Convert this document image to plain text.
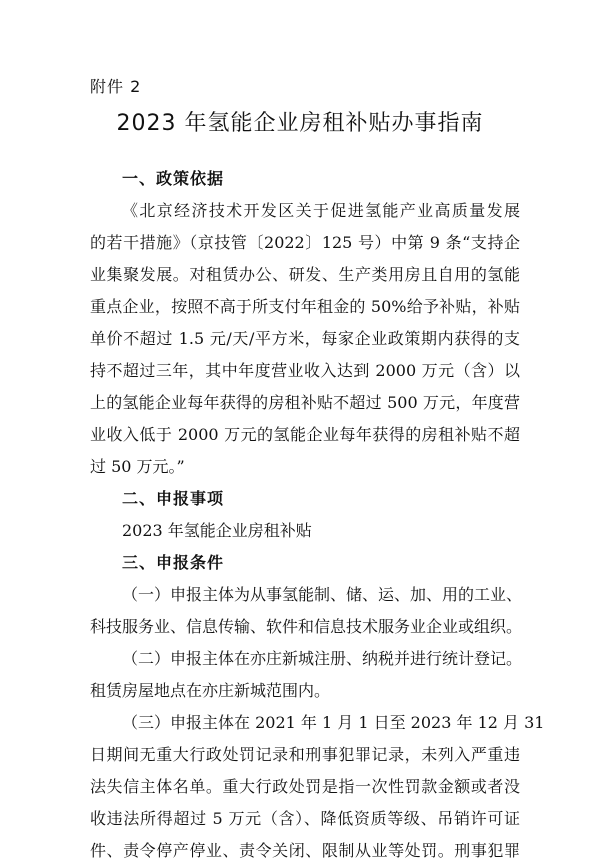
附件 2
2023 年氢能企业房租补贴办事指南
一、政策依据
《北京经济技术开发区关于促进氢能产业高质量发展
的若干措施》（京技管〔2022〕125 号）中第 9 条“支持企
业集聚发展。对租赁办公、研发、生产类用房且自用的氢能
重点企业，按照不高于所支付年租金的 50%给予补贴，补贴
单价不超过 1.5 元/天/平方米，每家企业政策期内获得的支
持不超过三年，其中年度营业收入达到 2000 万元（含）以
上的氢能企业每年获得的房租补贴不超过 500 万元，年度营
业收入低于 2000 万元的氢能企业每年获得的房租补贴不超
过 50 万元。”
二、申报事项
2023 年氢能企业房租补贴
三、申报条件
（一）申报主体为从事氢能制、储、运、加、用的工业、
科技服务业、信息传输、软件和信息技术服务业企业或组织。
（二）申报主体在亦庄新城注册、纳税并进行统计登记。
租赁房屋地点在亦庄新城范围内。
（三）申报主体在 2021 年 1 月 1 日至 2023 年 12 月 31
日期间无重大行政处罚记录和刑事犯罪记录，未列入严重违
法失信主体名单。重大行政处罚是指一次性罚款金额或者没
收违法所得超过 5 万元（含）、降低资质等级、吊销许可证
件、责令停产停业、责令关闭、限制从业等处罚。刑事犯罪
